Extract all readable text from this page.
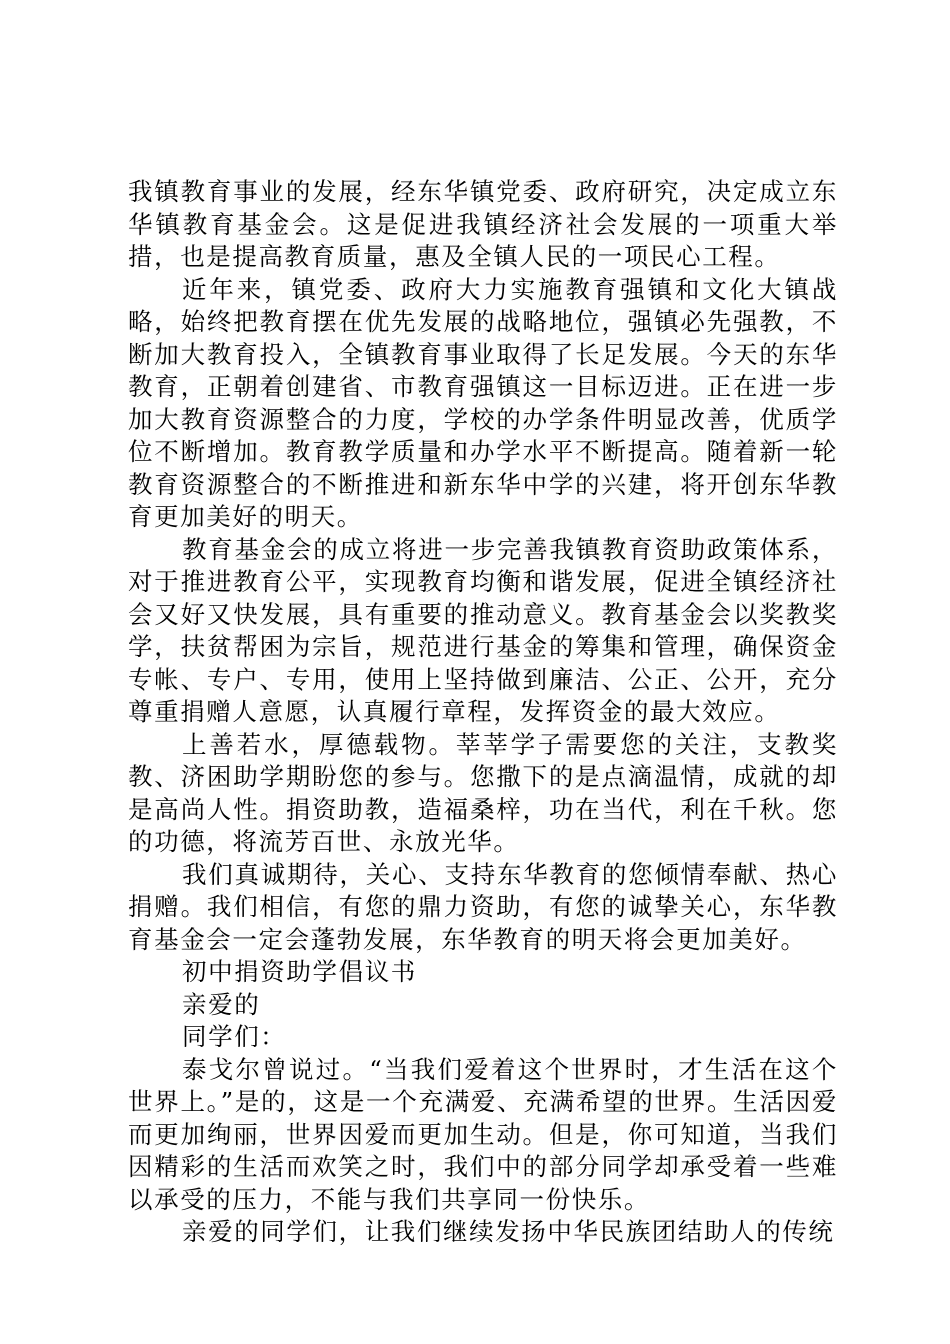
我镇教育事业的发展，经东华镇党委、政府研究，决定成立东华镇教育基金会。这是促进我镇经济社会发展的一项重大举措，也是提高教育质量，惠及全镇人民的一项民心工程。

近年来，镇党委、政府大力实施教育强镇和文化大镇战略，始终把教育摆在优先发展的战略地位，强镇必先强教，不断加大教育投入，全镇教育事业取得了长足发展。今天的东华教育，正朝着创建省、市教育强镇这一目标迈进。正在进一步加大教育资源整合的力度，学校的办学条件明显改善，优质学位不断增加。教育教学质量和办学水平不断提高。随着新一轮教育资源整合的不断推进和新东华中学的兴建，将开创东华教育更加美好的明天。

教育基金会的成立将进一步完善我镇教育资助政策体系，对于推进教育公平，实现教育均衡和谐发展，促进全镇经济社会又好又快发展，具有重要的推动意义。教育基金会以奖教奖学，扶贫帮困为宗旨，规范进行基金的筹集和管理，确保资金专帐、专户、专用，使用上坚持做到廉洁、公正、公开，充分尊重捐赠人意愿，认真履行章程，发挥资金的最大效应。

上善若水，厚德载物。莘莘学子需要您的关注，支教奖教、济困助学期盼您的参与。您撒下的是点滴温情，成就的却是高尚人性。捐资助教，造福桑梓，功在当代，利在千秋。您的功德，将流芳百世、永放光华。

我们真诚期待，关心、支持东华教育的您倾情奉献、热心捐赠。我们相信，有您的鼎力资助，有您的诚挚关心，东华教育基金会一定会蓬勃发展，东华教育的明天将会更加美好。

初中捐资助学倡议书

亲爱的

同学们：

泰戈尔曾说过。“当我们爱着这个世界时，才生活在这个世界上。”是的，这是一个充满爱、充满希望的世界。生活因爱而更加绚丽，世界因爱而更加生动。但是，你可知道，当我们因精彩的生活而欢笑之时，我们中的部分同学却承受着一些难以承受的压力，不能与我们共享同一份快乐。

亲爱的同学们，让我们继续发扬中华民族团结助人的传统
